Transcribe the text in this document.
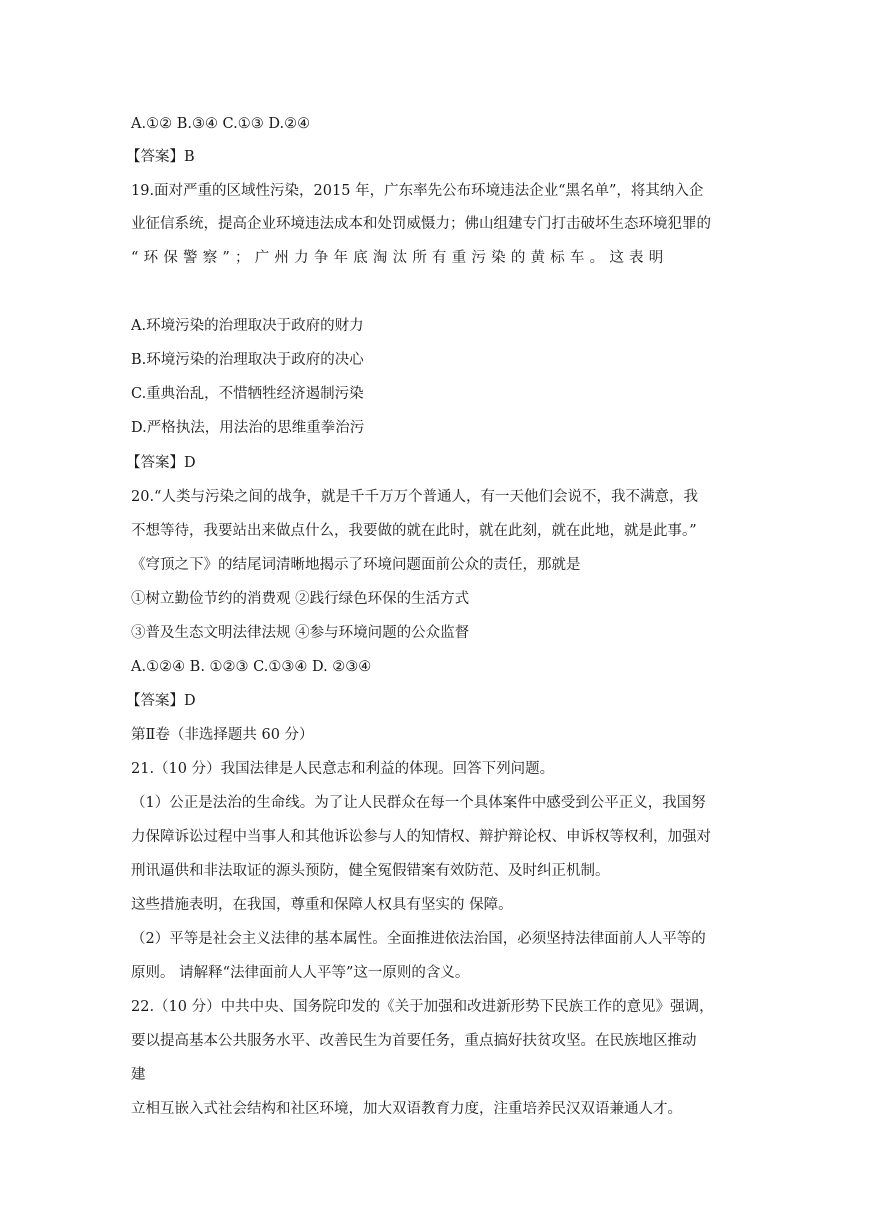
A.①② B.③④ C.①③ D.②④
【答案】B
19.面对严重的区域性污染，2015 年，广东率先公布环境违法企业“黑名单”，将其纳入企
业征信系统，提高企业环境违法成本和处罚威慑力；佛山组建专门打击破坏生态环境犯罪的
“环保警察”；广州力争年底淘汰所有重污染的黄标车。这表明
A.环境污染的治理取决于政府的财力
B.环境污染的治理取决于政府的决心
C.重典治乱，不惜牺牲经济遏制污染
D.严格执法，用法治的思维重拳治污
【答案】D
20.“人类与污染之间的战争，就是千千万万个普通人，有一天他们会说不，我不满意，我
不想等待，我要站出来做点什么，我要做的就在此时，就在此刻，就在此地，就是此事。”
《穹顶之下》的结尾词清晰地揭示了环境问题面前公众的责任，那就是
①树立勤俭节约的消费观 ②践行绿色环保的生活方式
③普及生态文明法律法规 ④参与环境问题的公众监督
A.①②④ B. ①②③ C.①③④ D. ②③④
【答案】D
第Ⅱ卷（非选择题共 60 分）
21.（10 分）我国法律是人民意志和利益的体现。回答下列问题。
（1）公正是法治的生命线。为了让人民群众在每一个具体案件中感受到公平正义，我国努
力保障诉讼过程中当事人和其他诉讼参与人的知情权、辩护辩论权、申诉权等权利，加强对
刑讯逼供和非法取证的源头预防，健全冤假错案有效防范、及时纠正机制。
这些措施表明，在我国，尊重和保障人权具有坚实的 保障。
（2）平等是社会主义法律的基本属性。全面推进依法治国，必须坚持法律面前人人平等的
原则。 请解释“法律面前人人平等”这一原则的含义。
22.（10 分）中共中央、国务院印发的《关于加强和改进新形势下民族工作的意见》强调，
要以提高基本公共服务水平、改善民生为首要任务，重点搞好扶贫攻坚。在民族地区推动
建
立相互嵌入式社会结构和社区环境，加大双语教育力度，注重培养民汉双语兼通人才。
